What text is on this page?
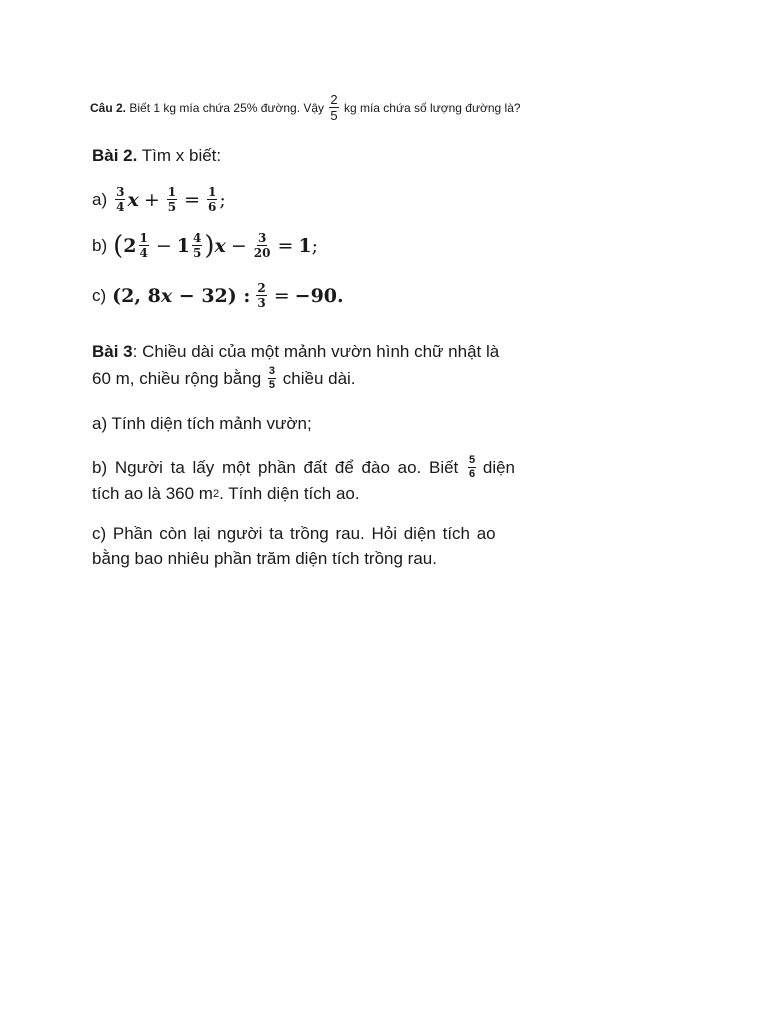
Câu 2. Biết 1 kg mía chứa 25% đường. Vậy $\frac{2}{5}$ kg mía chứa số lượng đường là?
Bài 2. Tìm x biết:
$a) \frac{3}{4}$ $x + \frac{1}{5} = \frac{1}{6}$ ;
b) ( $2 \frac{1}{4} - 1 \frac{4}{5}$ ) $x - \frac{3}{20} = 1$ ;
c) (2, 8 x − 32) : $\frac{2}{3} = -90$.
Bài 3 : Chiều dài của một mảnh vườn hình chữ nhật là
60 m, chiều rộng bằng $\frac{3}{5}$ chiều dài.
a) Tính diện tích mảnh vườn;
b) Người ta lấy một phần đất để đào ao. Biết $\frac{5}{6}$ diện
tích ao là 360 m 2 . Tính diện tích ao.
c) Phần còn lại người ta trồng rau. Hỏi diện tích ao
bằng bao nhiêu phần trăm diện tích trồng rau.
